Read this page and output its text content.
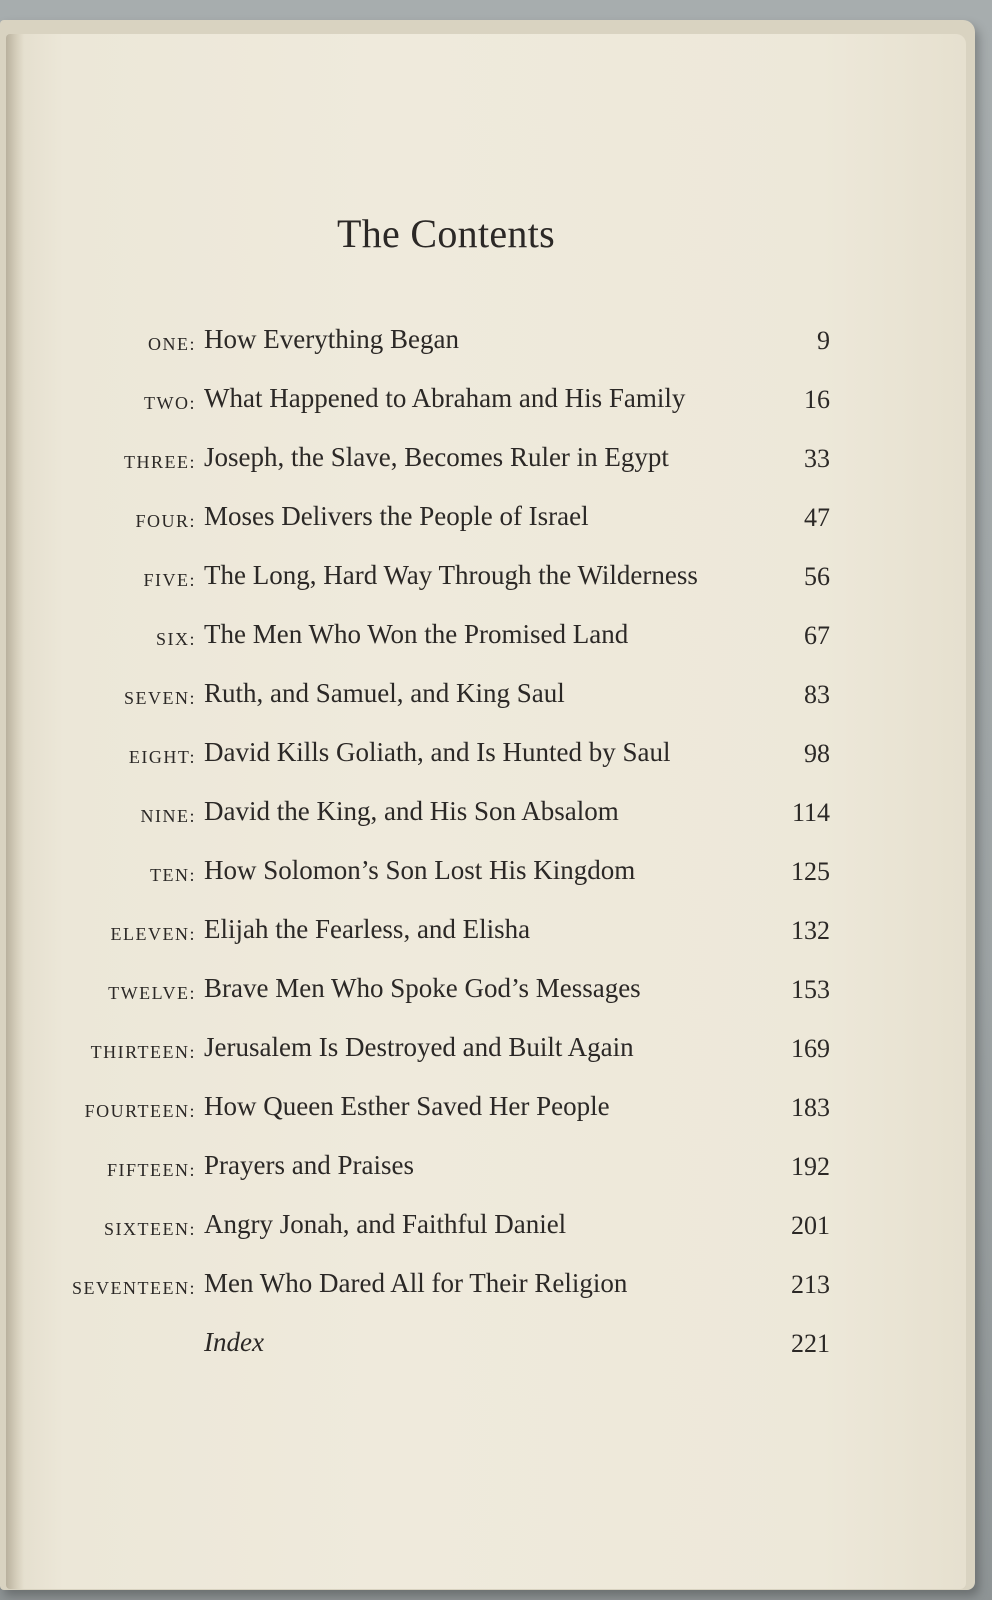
The Contents
ONE: How Everything Began	9
TWO: What Happened to Abraham and His Family	16
THREE: Joseph, the Slave, Becomes Ruler in Egypt	33
FOUR: Moses Delivers the People of Israel	47
FIVE: The Long, Hard Way Through the Wilderness	56
SIX: The Men Who Won the Promised Land	67
SEVEN: Ruth, and Samuel, and King Saul	83
EIGHT: David Kills Goliath, and Is Hunted by Saul	98
NINE: David the King, and His Son Absalom	114
TEN: How Solomon’s Son Lost His Kingdom	125
ELEVEN: Elijah the Fearless, and Elisha	132
TWELVE: Brave Men Who Spoke God’s Messages	153
THIRTEEN: Jerusalem Is Destroyed and Built Again	169
FOURTEEN: How Queen Esther Saved Her People	183
FIFTEEN: Prayers and Praises	192
SIXTEEN: Angry Jonah, and Faithful Daniel	201
SEVENTEEN: Men Who Dared All for Their Religion	213
Index	221
